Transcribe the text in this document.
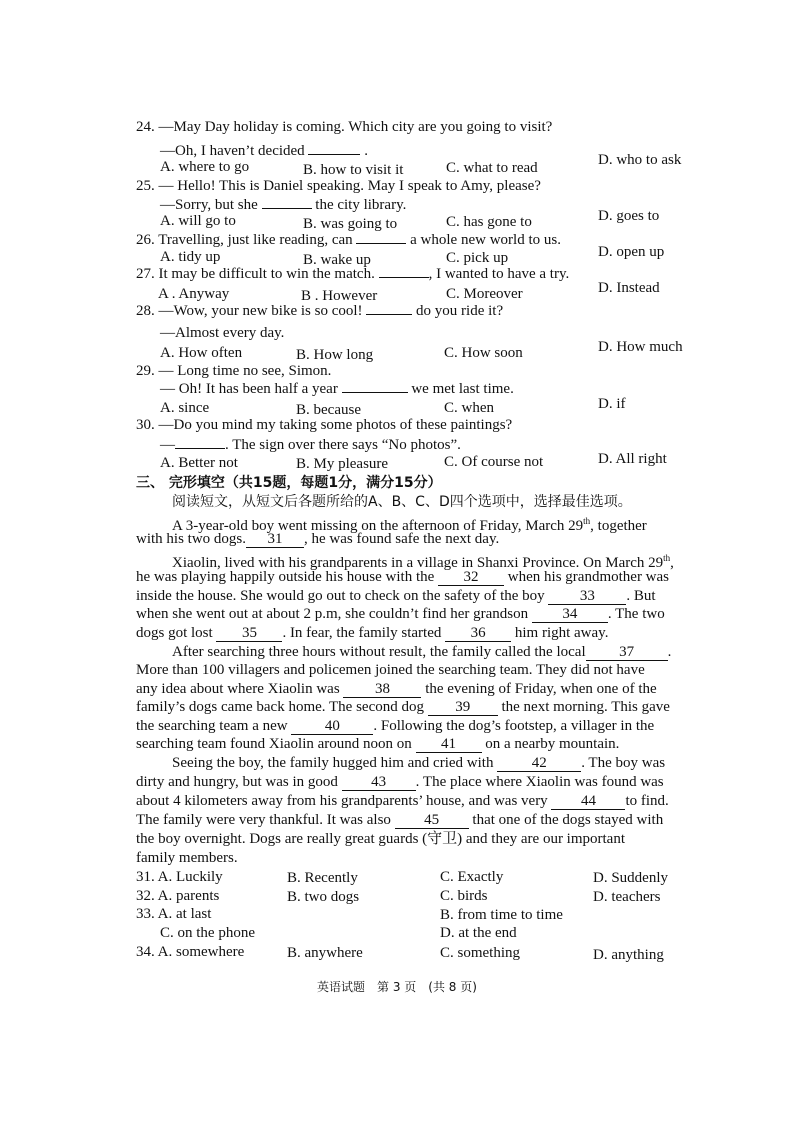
24. —May Day holiday is coming. Which city are you going to visit?
—Oh, I haven’t decided	.
A. where to go	B. how to visit it	C. what to read	D. who to ask
25. — Hello! This is Daniel speaking. May I speak to Amy, please?
—Sorry, but she	the city library.
A. will go to	B. was going to	C. has gone to	D. goes to
26. Travelling, just like reading, can	a whole new world to us.
A. tidy up	B. wake up	C. pick up	D. open up
27. It may be difficult to win the match.	, I wanted to have a try.
A . Anyway	B . However	C. Moreover	D. Instead
28. —Wow, your new bike is so cool!	do you ride it?
—Almost every day.
A. How often	B. How long	C. How soon	D. How much
29. — Long time no see, Simon.
— Oh! It has been half a year	we met last time.
A. since	B. because	C. when	D. if
30. —Do you mind my taking some photos of these paintings?
—	. The sign over there says “No photos”.
A. Better not	B. My pleasure	C. Of course not	D. All right
三、 完形填空（共15题，每题1分，满分15分）
阅读短文，从短文后各题所给的A、B、C、D四个选项中，选择最佳选项。
A 3-year-old boy went missing on the afternoon of Friday, March 29th, together
with his two dogs. 31 , he was found safe the next day.
Xiaolin, lived with his grandparents in a village in Shanxi Province. On March 29th,
he was playing happily outside his house with the 32 when his grandmother was
inside the house. She would go out to check on the safety of the boy 33 . But
when she went out at about 2 p.m, she couldn’t find her grandson 34 . The two
dogs got lost 35 . In fear, the family started 36 him right away.
After searching three hours without result, the family called the local 37 .
More than 100 villagers and policemen joined the searching team. They did not have
any idea about where Xiaolin was 38 the evening of Friday, when one of the
family’s dogs came back home. The second dog 39 the next morning. This gave
the searching team a new 40 . Following the dog’s footstep, a villager in the
searching team found Xiaolin around noon on 41 on a nearby mountain.
Seeing the boy, the family hugged him and cried with	42 . The boy was
dirty and hungry, but was in good 43 . The place where Xiaolin was found was
about 4 kilometers away from his grandparents’ house, and was very 44 to find.
The family were very thankful. It was also 45 that one of the dogs stayed with
the boy overnight. Dogs are really great guards (守卫) and they are our important
family members.
31. A. Luckily	B. Recently	C. Exactly	D. Suddenly
32. A. parents	B. two dogs	C. birds	D. teachers
33. A. at last	B. from time to time
C. on the phone	D. at the end
34. A. somewhere	B. anywhere	C. something	D. anything
英语试题　第 3 页　(共 8 页)
